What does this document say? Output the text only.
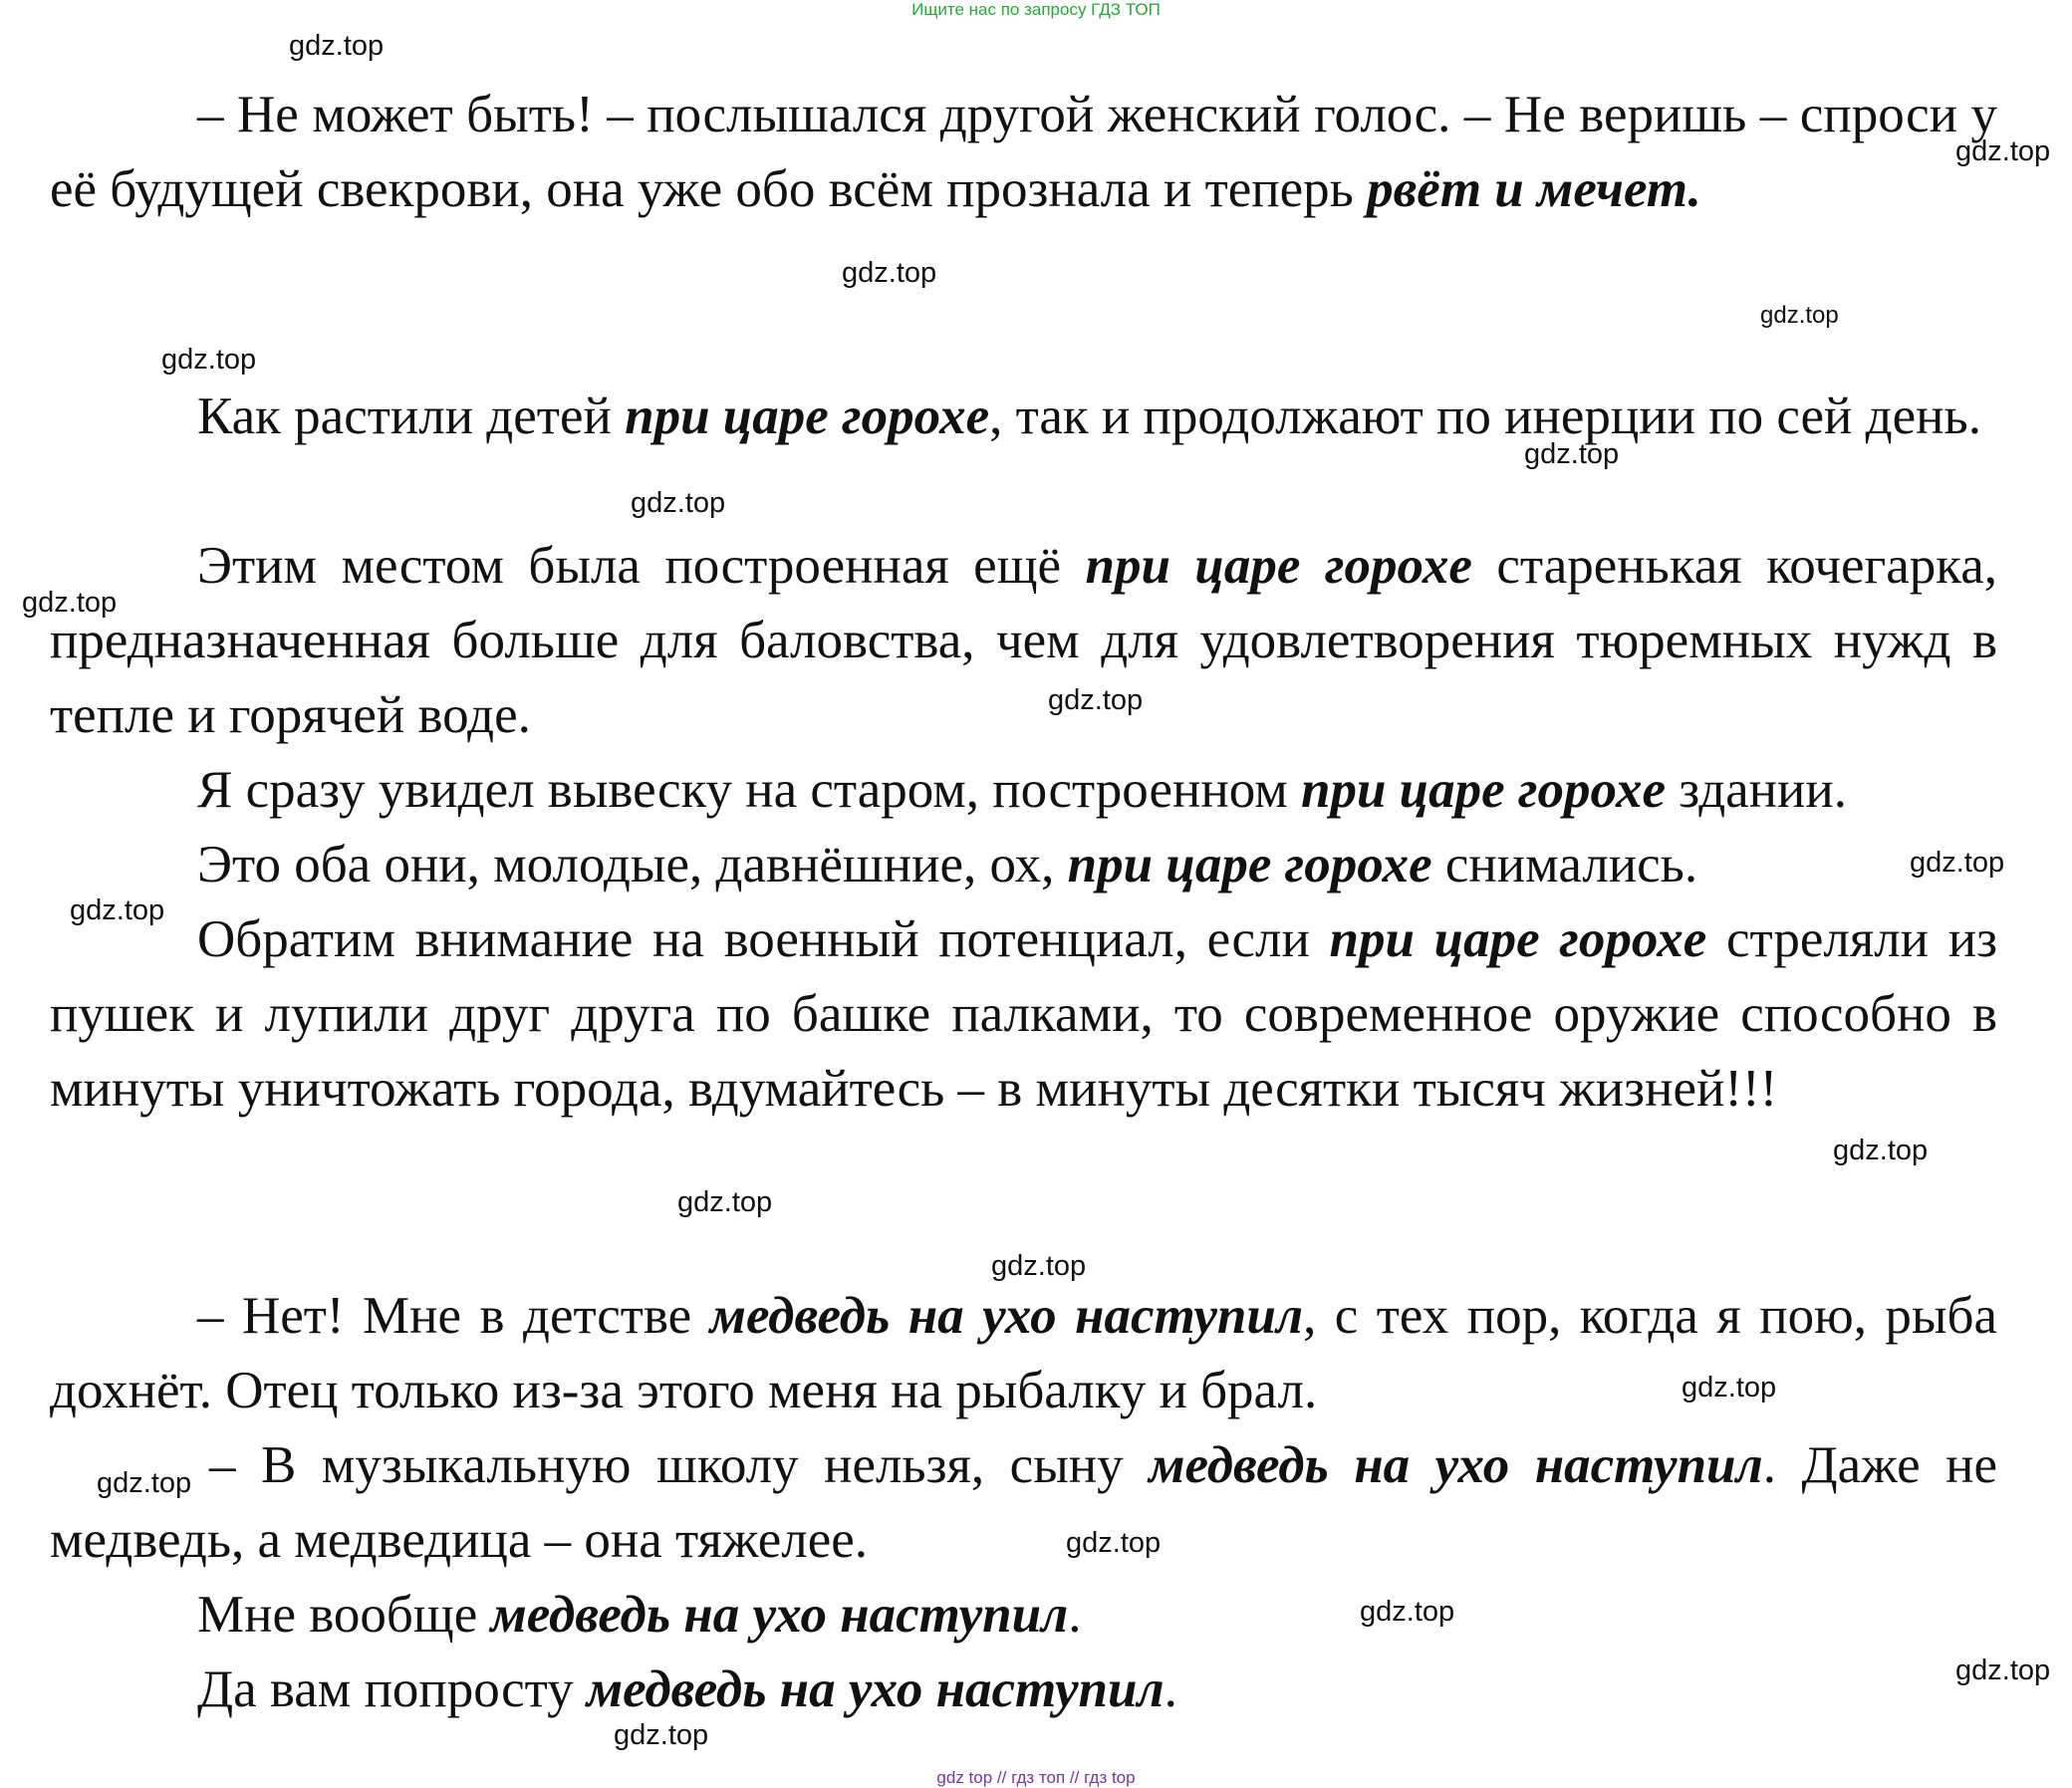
Ищите нас по запросу ГДЗ ТОП

– Не может быть! – послышался другой женский голос. – Не веришь – спроси у её будущей свекрови, она уже обо всём прознала и теперь рвёт и мечет.

Как растили детей при царе горохе, так и продолжают по инерции по сей день.

Этим местом была построенная ещё при царе горохе старенькая кочегарка, предназначенная больше для баловства, чем для удовлетворения тюремных нужд в тепле и горячей воде.

Я сразу увидел вывеску на старом, построенном при царе горохе здании.

Это оба они, молодые, давнёшние, ох, при царе горохе снимались.

Обратим внимание на военный потенциал, если при царе горохе стреляли из пушек и лупили друг друга по башке палками, то современное оружие способно в минуты уничтожать города, вдумайтесь – в минуты десятки тысяч жизней!!!

– Нет! Мне в детстве медведь на ухо наступил, с тех пор, когда я пою, рыба дохнёт. Отец только из-за этого меня на рыбалку и брал.

– В музыкальную школу нельзя, сыну медведь на ухо наступил. Даже не медведь, а медведица – она тяжелее.

Мне вообще медведь на ухо наступил.

Да вам попросту медведь на ухо наступил.

gdz.top
gdz.top
gdz.top
gdz.top
gdz.top
gdz.top
gdz.top
gdz.top
gdz.top
gdz.top
gdz.top
gdz.top
gdz.top
gdz.top
gdz.top
gdz.top
gdz.top
gdz.top
gdz.top
gdz.top
gdz top // гдз топ // гдз top
